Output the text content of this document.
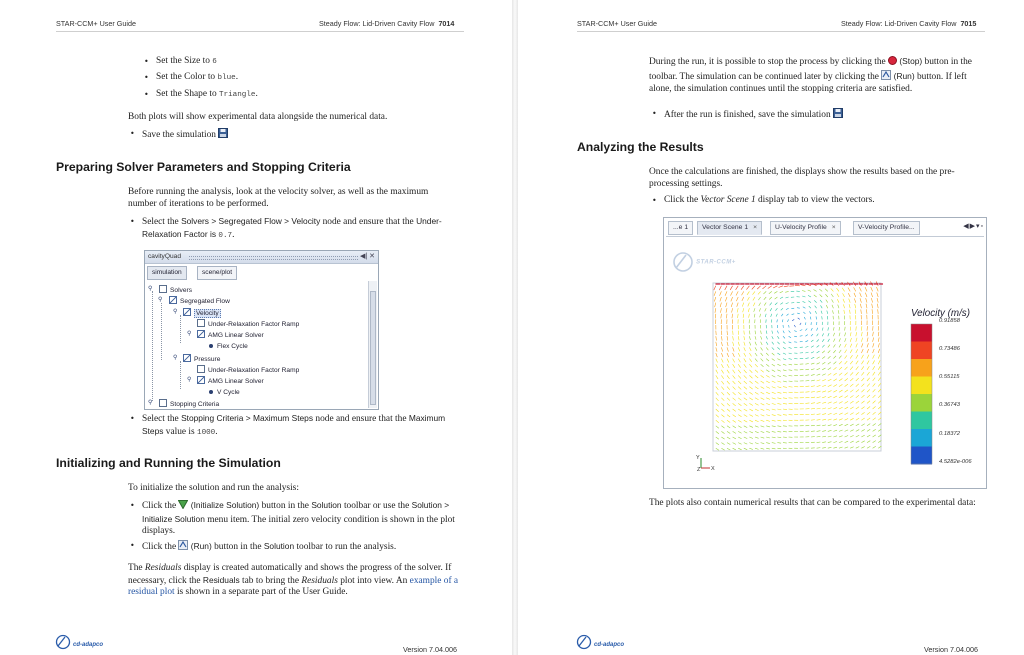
STAR-CCM+ User Guide	Steady Flow: Lid-Driven Cavity Flow 7014
• Set the Size to 6
• Set the Color to blue.
• Set the Shape to Triangle.
Both plots will show experimental data alongside the numerical data.
• Save the simulation
Preparing Solver Parameters and Stopping Criteria
Before running the analysis, look at the velocity solver, as well as the maximum number of iterations to be performed.
• Select the Solvers > Segregated Flow > Velocity node and ensure that the Under-Relaxation Factor is 0.7.
cavityQuad	◀| ✕
simulation	scene/plot
⚲	Solvers
⚲	Segregated Flow
⚲	Velocity
Under-Relaxation Factor Ramp
⚲	AMG Linear Solver
Flex Cycle
⚲	Pressure
Under-Relaxation Factor Ramp
⚲	AMG Linear Solver
V Cycle
⚲	Stopping Criteria
• Select the Stopping Criteria > Maximum Steps node and ensure that the Maximum Steps value is 1000.
Initializing and Running the Simulation
To initialize the solution and run the analysis:
• Click the (Initialize Solution) button in the Solution toolbar or use the Solution > Initialize Solution menu item. The initial zero velocity condition is shown in the plot displays.
• Click the (Run) button in the Solution toolbar to run the analysis.
The Residuals display is created automatically and shows the progress of the solver. If necessary, click the Residuals tab to bring the Residuals plot into view. An example of a residual plot is shown in a separate part of the User Guide.
cd-adapco
Version 7.04.006
STAR-CCM+ User Guide	Steady Flow: Lid-Driven Cavity Flow 7015
During the run, it is possible to stop the process by clicking the (Stop) button in the toolbar. The simulation can be continued later by clicking the (Run) button. If left alone, the simulation continues until the stopping criteria are satisfied.
• After the run is finished, save the simulation
Analyzing the Results
Once the calculations are finished, the displays show the results based on the pre-processing settings.
• Click the Vector Scene 1 display tab to view the vectors.
...e 1	Vector Scene 1 ×	U-Velocity Profile ×	V-Velocity Profile...	◀▶▾▫
STAR-CCM+
Y
X
Z
Velocity (m/s)
0.91858
0.73486
0.55115
0.36743
0.18372
4.5282e-006
The plots also contain numerical results that can be compared to the experimental data:
cd-adapco
Version 7.04.006
